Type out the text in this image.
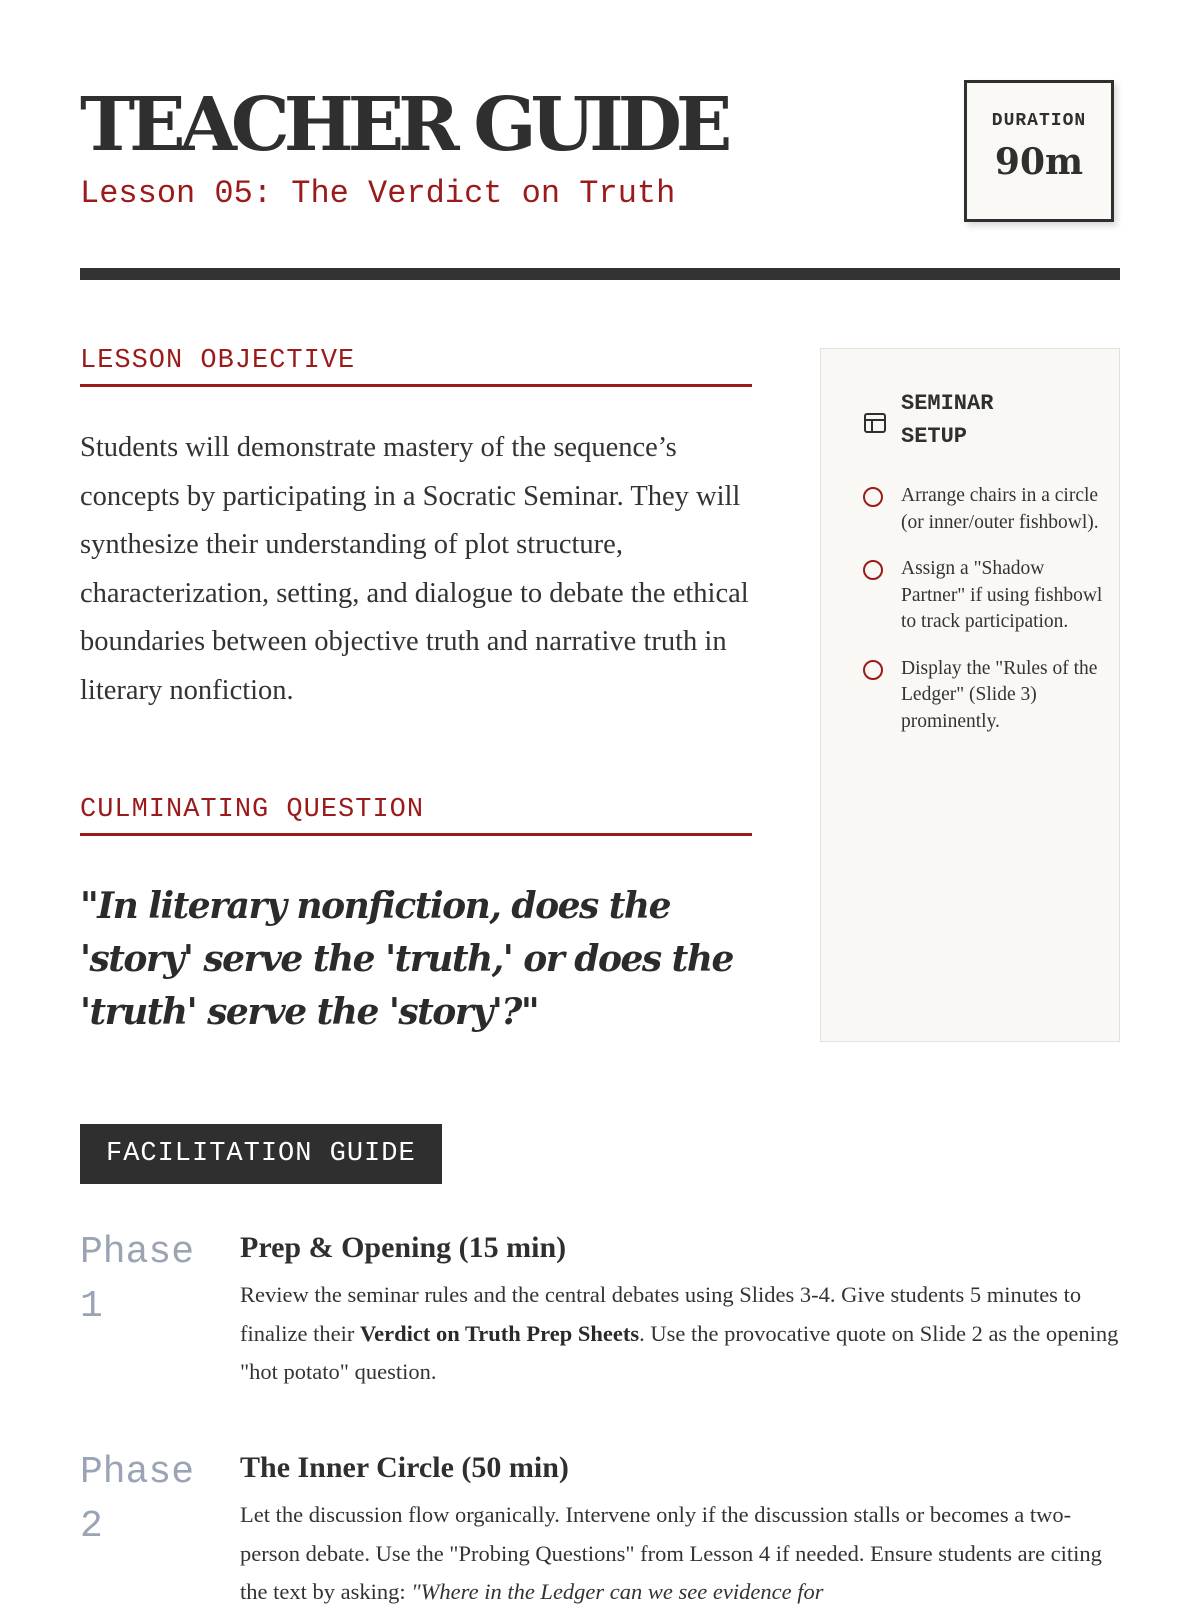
TEACHER GUIDE
Lesson 05: The Verdict on Truth
DURATION
90m
LESSON OBJECTIVE

Students will demonstrate mastery of the sequence’s concepts by participating in a Socratic Seminar. They will synthesize their understanding of plot structure, characterization, setting, and dialogue to debate the ethical boundaries between objective truth and narrative truth in literary nonfiction.

CULMINATING QUESTION

"In literary nonfiction, does the 'story' serve the 'truth,' or does the 'truth' serve the 'story'?"

SEMINAR SETUP
Arrange chairs in a circle (or inner/outer fishbowl).
Assign a "Shadow Partner" if using fishbowl to track participation.
Display the "Rules of the Ledger" (Slide 3) prominently.
FACILITATION GUIDE
Phase 1
Prep & Opening (15 min)

Review the seminar rules and the central debates using Slides 3-4. Give students 5 minutes to finalize their Verdict on Truth Prep Sheets. Use the provocative quote on Slide 2 as the opening "hot potato" question.

Phase 2
The Inner Circle (50 min)

Let the discussion flow organically. Intervene only if the discussion stalls or becomes a two-person debate. Use the "Probing Questions" from Lesson 4 if needed. Ensure students are citing the text by asking: "Where in the Ledger can we see evidence for
